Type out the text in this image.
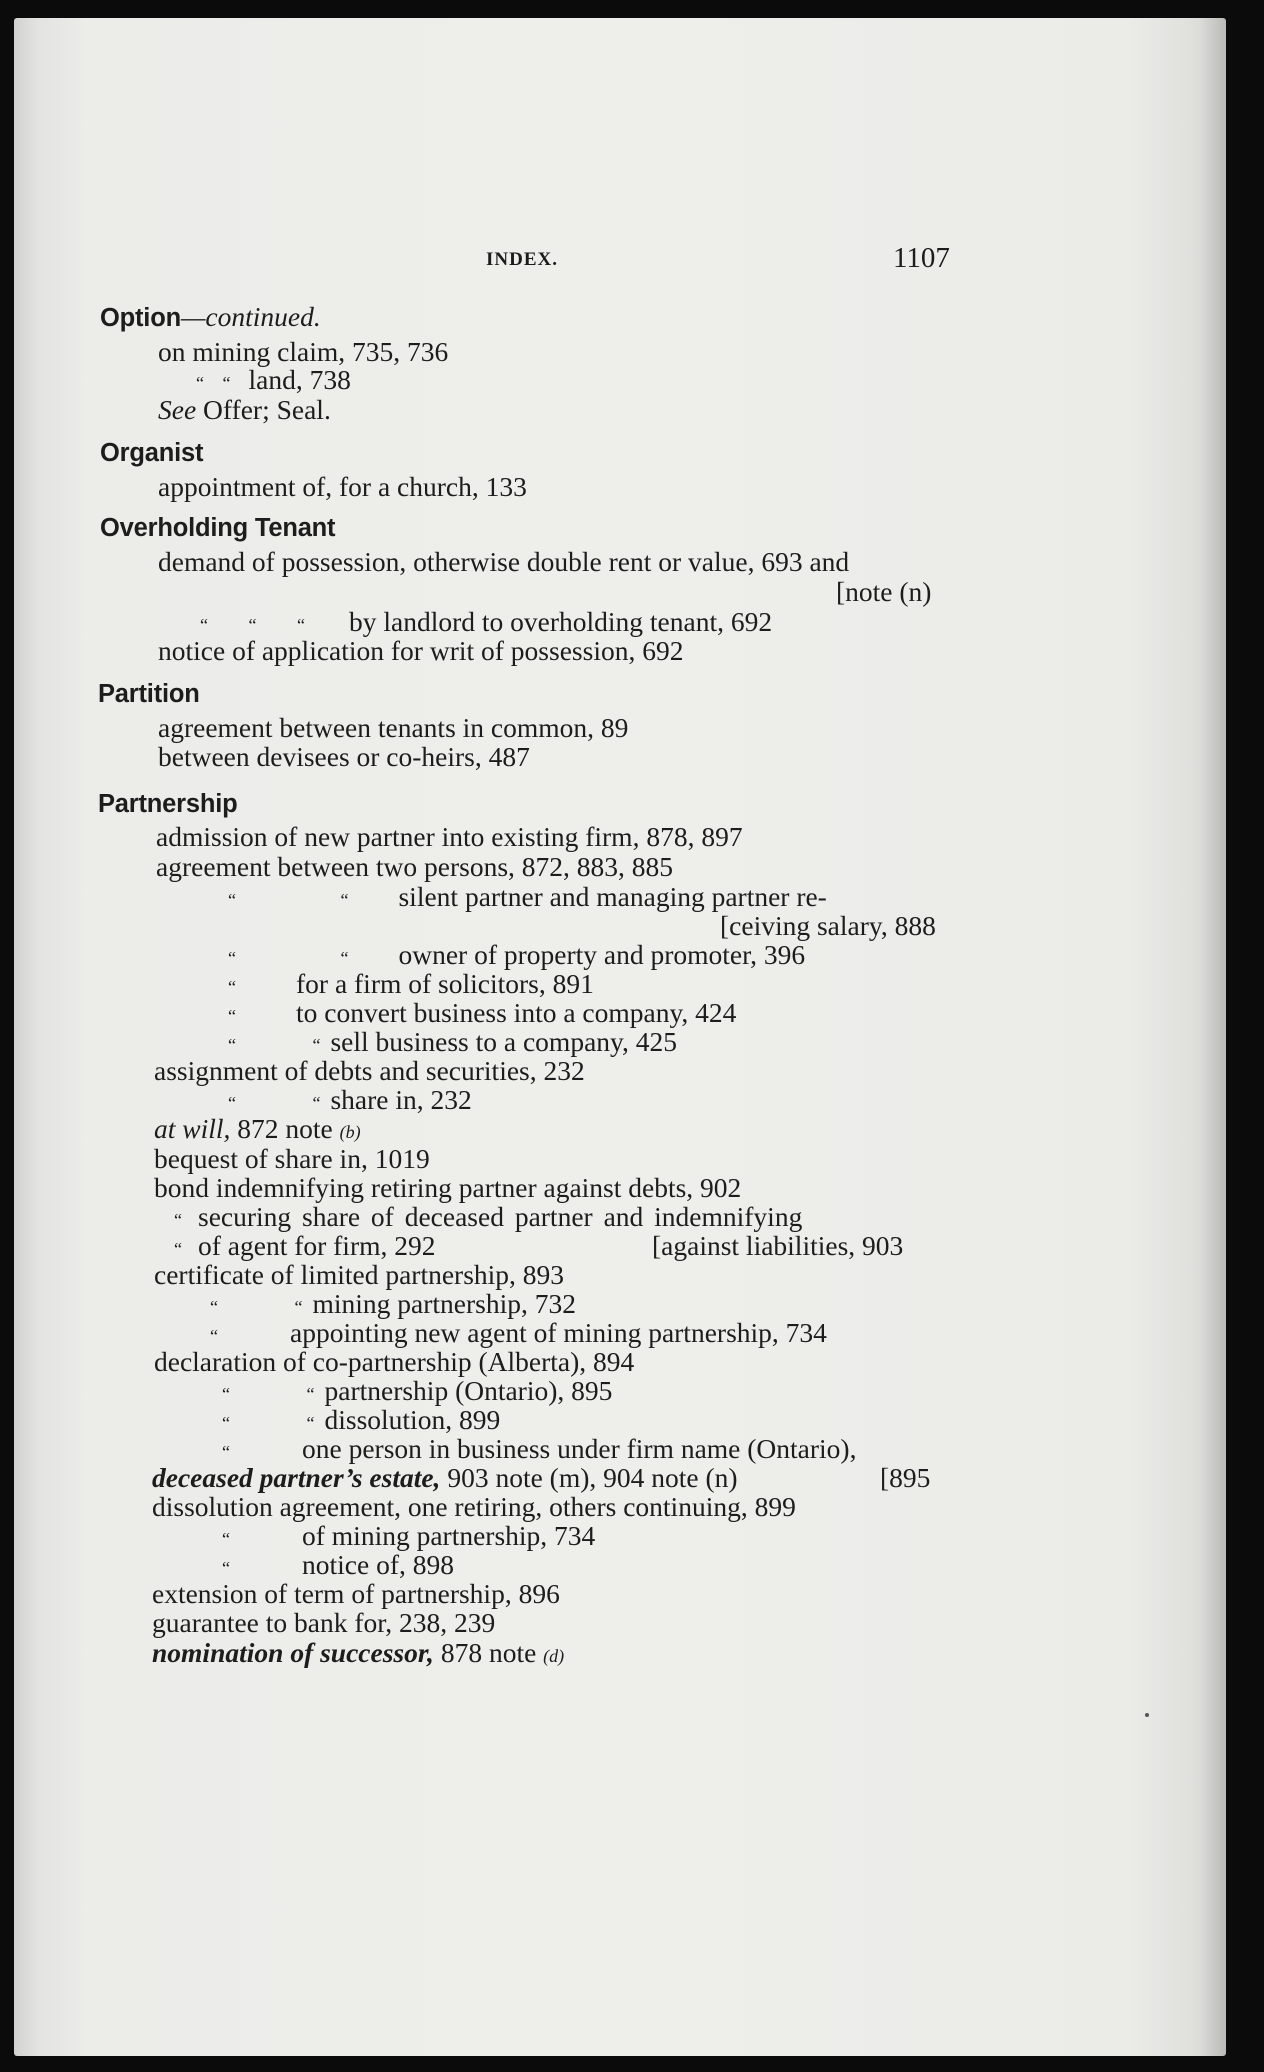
INDEX.	1107
Option—continued.
on mining claim, 735, 736
“ “ land, 738
See Offer; Seal.
Organist
appointment of, for a church, 133
Overholding Tenant
demand of possession, otherwise double rent or value, 693 and
[note (n)
“ “ “ by landlord to overholding tenant, 692
notice of application for writ of possession, 692
Partition
agreement between tenants in common, 89
between devisees or co-heirs, 487
Partnership
admission of new partner into existing firm, 878, 897
agreement between two persons, 872, 883, 885
“ “ silent partner and managing partner re-
[ceiving salary, 888
“ “ owner of property and promoter, 396
“ for a firm of solicitors, 891
“ to convert business into a company, 424
“ “ sell business to a company, 425
assignment of debts and securities, 232
“ “ share in, 232
at will, 872 note (b)
bequest of share in, 1019
bond indemnifying retiring partner against debts, 902
“ securing share of deceased partner and indemnifying
“ of agent for firm, 292	[against liabilities, 903
certificate of limited partnership, 893
“ “ mining partnership, 732
“	appointing new agent of mining partnership, 734
declaration of co-partnership (Alberta), 894
“ “ partnership (Ontario), 895
“ “ dissolution, 899
“	one person in business under firm name (Ontario),
deceased partner’s estate, 903 note (m), 904 note (n)	[895
dissolution agreement, one retiring, others continuing, 899
“	of mining partnership, 734
“	notice of, 898
extension of term of partnership, 896
guarantee to bank for, 238, 239
nomination of successor, 878 note (d)
